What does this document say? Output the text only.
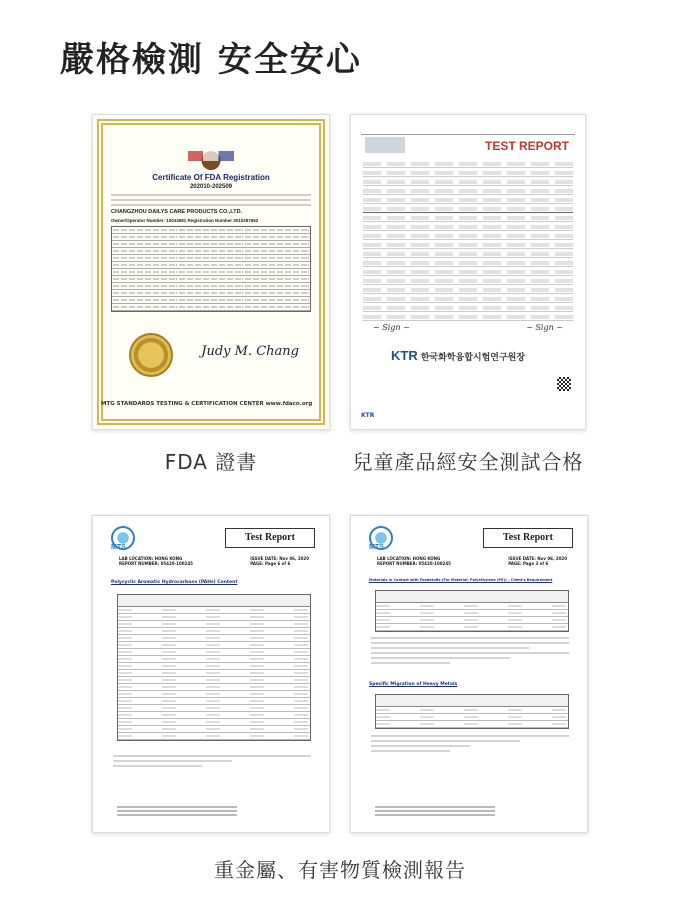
嚴格檢測 安全安心
Certificate Of FDA Registration
202010-202509
CHANGZHOU DAILYS CARE PRODUCTS CO.,LTD.
Owner/Operator Number: 10043581 Registration Number 3010287652
Judy M. Chang
MTG STANDARDS TESTING & CERTIFICATION CENTER www.fdacn.org
FDA 證書
TEST REPORT
~ Sign ~	~ Sign ~
KTR 한국화학융합시험연구원장
KTR
兒童產品經安全測試合格
MTS
Test Report
LAB LOCATION: HONG KONG
REPORT NUMBER: 05420-100245
ISSUE DATE: Nov 06, 2020
PAGE: Page 6 of 6
Polycyclic Aromatic Hydrocarbons (PAHs) Content
MTS
Test Report
LAB LOCATION: HONG KONG
REPORT NUMBER: 05420-100245
ISSUE DATE: Nov 06, 2020
PAGE: Page 3 of 6
Materials in Contact with Foodstuffs (For Material: Polyethylene (PE)) – Client's Requirement
Specific Migration of Heavy Metals
重金屬、有害物質檢測報告
